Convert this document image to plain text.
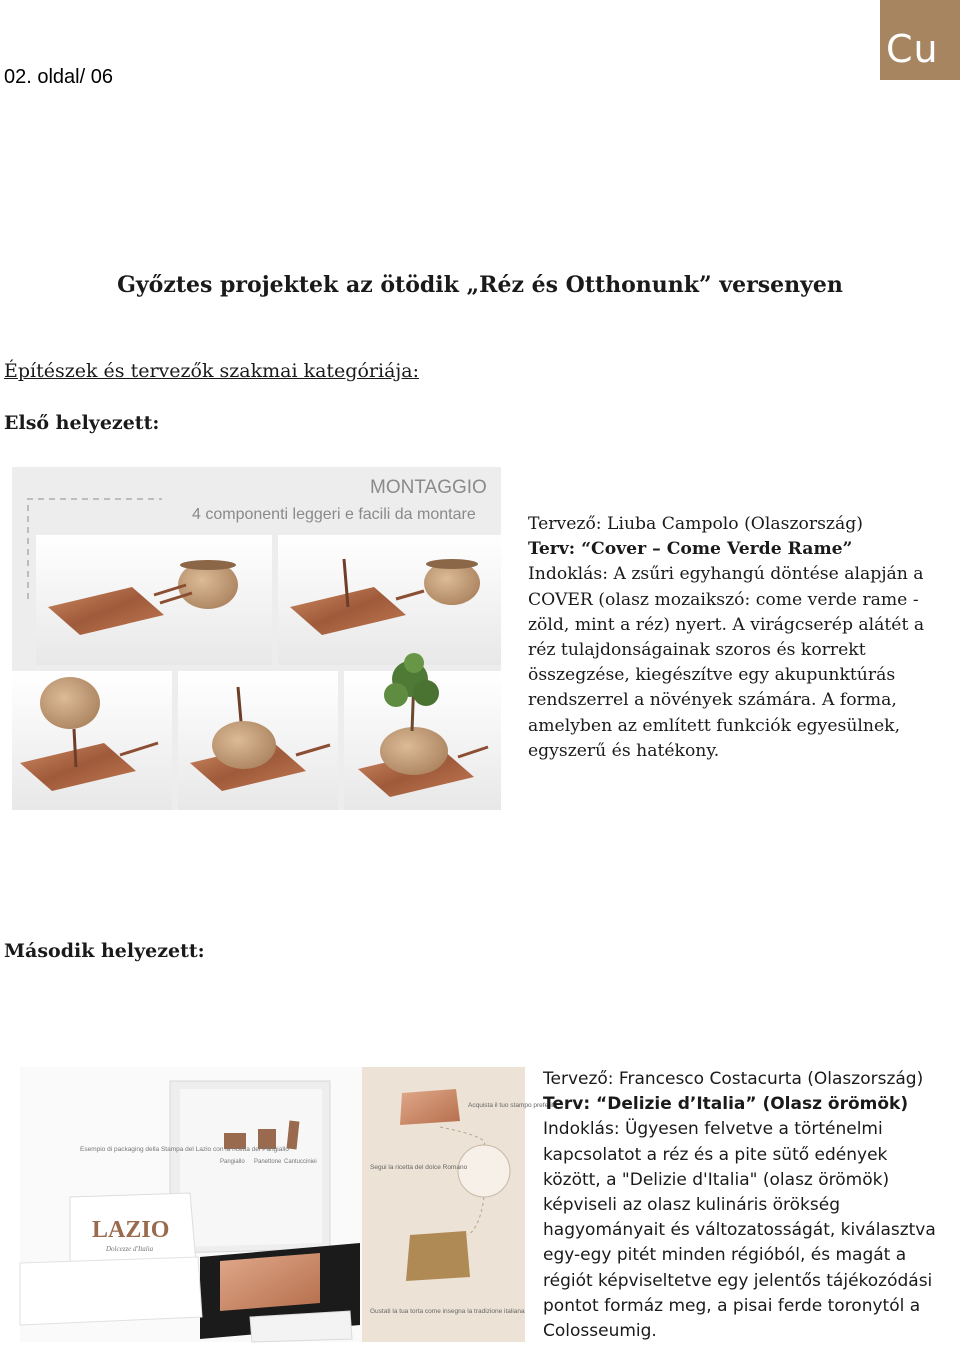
02. oldal/ 06
Cu
Győztes projektek az ötödik „Réz és Otthonunk” versenyen
Építészek és tervezők szakmai kategóriája:
Első helyezett:
MONTAGGIO
4 componenti leggeri e facili da montare	Tervező: Liuba Campolo (Olaszország)
Terv: “Cover – Come Verde Rame”
Indoklás: A zsűri egyhangú döntése alapján a
COVER (olasz mozaikszó: come verde rame -
zöld, mint a réz) nyert. A virágcserép alátét a
réz tulajdonságainak szoros és korrekt
összegzése, kiegészítve egy akupunktúrás
rendszerrel a növények számára. A forma,
amelyben az említett funkciók egyesülnek,
egyszerű és hatékony.
Második helyezett:
Pangiallo Panettone Cantucciniei
Esempio di packaging della Stampa del Lazio con la ricetta del Pangiallo
LAZIO
Dolcezze d'Italia
Acquista il tuo stampo preferito
Segui la ricetta del dolce Romano
Gustati la tua torta come insegna la tradizione italiana
Tervező: Francesco Costacurta (Olaszország)
Terv: “Delizie d’Italia” (Olasz örömök)
Indoklás: Ügyesen felvetve a történelmi
kapcsolatot a réz és a pite sütő edények
között, a "Delizie d'Italia" (olasz örömök)
képviseli az olasz kulináris örökség
hagyományait és változatosságát, kiválasztva
egy-egy pitét minden régióból, és magát a
régiót képviseltetve egy jelentős tájékozódási
pontot formáz meg, a pisai ferde toronytól a
Colosseumig.
